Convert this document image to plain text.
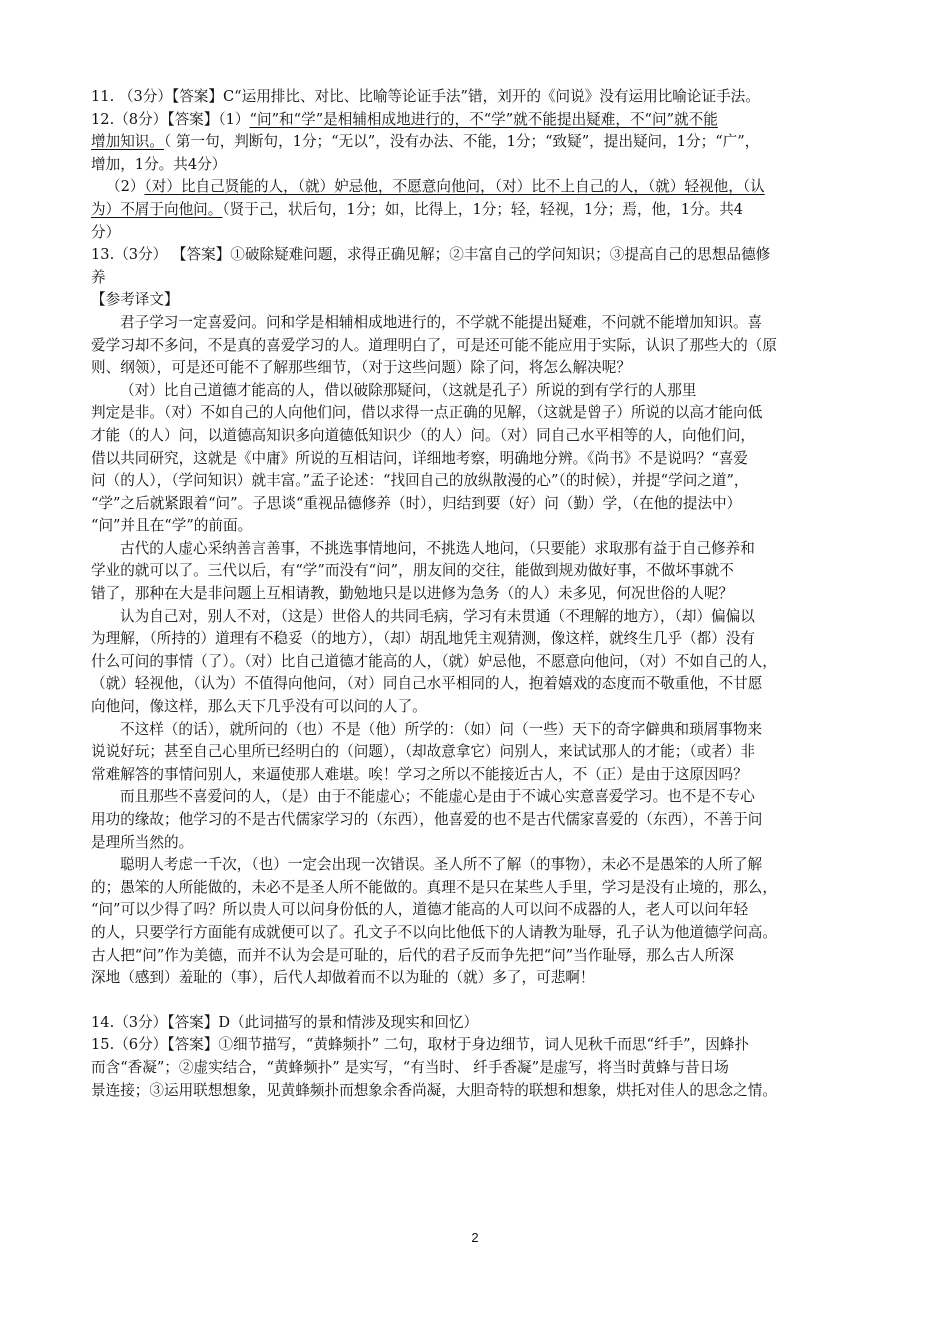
11. （3分）【答案】C“运用排比、对比、比喻等论证手法”错，刘开的《问说》没有运用比喻论证手法。
12.（8分）【答案】（1）“问”和“学”是相辅相成地进行的，不“学”就不能提出疑难，不“问”就不能
增加知识。（ 第一句，判断句，1分；“无以”，没有办法、不能，1分；“致疑”，提出疑问，1分；“广”，
增加，1分。共4分）
（2）（对）比自己贤能的人，（就）妒忌他，不愿意向他问，（对）比不上自己的人，（就）轻视他，（认
为）不屑于向他问。（贤于己，状后句，1分；如，比得上，1分；轻，轻视，1分；焉，他，1分。共4
分）
13.（3分） 【答案】①破除疑难问题，求得正确见解；②丰富自己的学问知识；③提高自己的思想品德修
养
【参考译文】
君子学习一定喜爱问。问和学是相辅相成地进行的，不学就不能提出疑难，不问就不能增加知识。喜
爱学习却不多问，不是真的喜爱学习的人。道理明白了，可是还可能不能应用于实际，认识了那些大的（原
则、纲领），可是还可能不了解那些细节，（对于这些问题）除了问，将怎么解决呢？
（对）比自己道德才能高的人，借以破除那疑问，（这就是孔子）所说的到有学行的人那里
判定是非。（对）不如自己的人向他们问，借以求得一点正确的见解，（这就是曾子）所说的以高才能向低
才能（的人）问，以道德高知识多向道德低知识少（的人）问。（对）同自己水平相等的人，向他们问，
借以共同研究，这就是《中庸》所说的互相诘问，详细地考察，明确地分辨。《尚书》不是说吗？“喜爱
问（的人），（学问知识）就丰富。”孟子论述：“找回自己的放纵散漫的心”（的时候），并提“学问之道”，
“学”之后就紧跟着“问”。子思谈“重视品德修养（时），归结到要（好）问（勤）学，（在他的提法中）
“问”并且在“学”的前面。
古代的人虚心采纳善言善事，不挑选事情地问，不挑选人地问，（只要能）求取那有益于自己修养和
学业的就可以了。三代以后，有“学”而没有“问”，朋友间的交往，能做到规劝做好事，不做坏事就不
错了，那种在大是非问题上互相请教，勤勉地只是以进修为急务（的人）未多见，何况世俗的人呢？
认为自己对，别人不对，（这是）世俗人的共同毛病，学习有未贯通（不理解的地方），（却）偏偏以
为理解，（所持的）道理有不稳妥（的地方），（却）胡乱地凭主观猜测，像这样，就终生几乎（都）没有
什么可问的事情（了）。（对）比自己道德才能高的人，（就）妒忌他，不愿意向他问，（对）不如自己的人，
（就）轻视他，（认为）不值得向他问，（对）同自己水平相同的人，抱着嬉戏的态度而不敬重他，不甘愿
向他问，像这样，那么天下几乎没有可以问的人了。
不这样（的话），就所问的（也）不是（他）所学的：（如）问（一些）天下的奇字僻典和琐屑事物来
说说好玩；甚至自己心里所已经明白的（问题），（却故意拿它）问别人，来试试那人的才能；（或者）非
常难解答的事情问别人，来逼使那人难堪。唉！学习之所以不能接近古人，不（正）是由于这原因吗？
而且那些不喜爱问的人，（是）由于不能虚心；不能虚心是由于不诚心实意喜爱学习。也不是不专心
用功的缘故；他学习的不是古代儒家学习的（东西），他喜爱的也不是古代儒家喜爱的（东西），不善于问
是理所当然的。
聪明人考虑一千次，（也）一定会出现一次错误。圣人所不了解（的事物），未必不是愚笨的人所了解
的；愚笨的人所能做的，未必不是圣人所不能做的。真理不是只在某些人手里，学习是没有止境的，那么，
“问”可以少得了吗？所以贵人可以问身份低的人，道德才能高的人可以问不成器的人，老人可以问年轻
的人，只要学行方面能有成就便可以了。孔文子不以向比他低下的人请教为耻辱，孔子认为他道德学问高。
古人把“问”作为美德，而并不认为会是可耻的，后代的君子反而争先把“问”当作耻辱，那么古人所深
深地（感到）羞耻的（事），后代人却做着而不以为耻的（就）多了，可悲啊！
14.（3分）【答案】D（此词描写的景和情涉及现实和回忆）
15.（6分）【答案】①细节描写，“黄蜂频扑” 二句，取材于身边细节，词人见秋千而思“纤手”，因蜂扑
而含“香凝”；②虚实结合，“黄蜂频扑” 是实写，“有当时、 纤手香凝”是虚写，将当时黄蜂与昔日场
景连接；③运用联想想象，见黄蜂频扑而想象余香尚凝，大胆奇特的联想和想象，烘托对佳人的思念之情。
2
